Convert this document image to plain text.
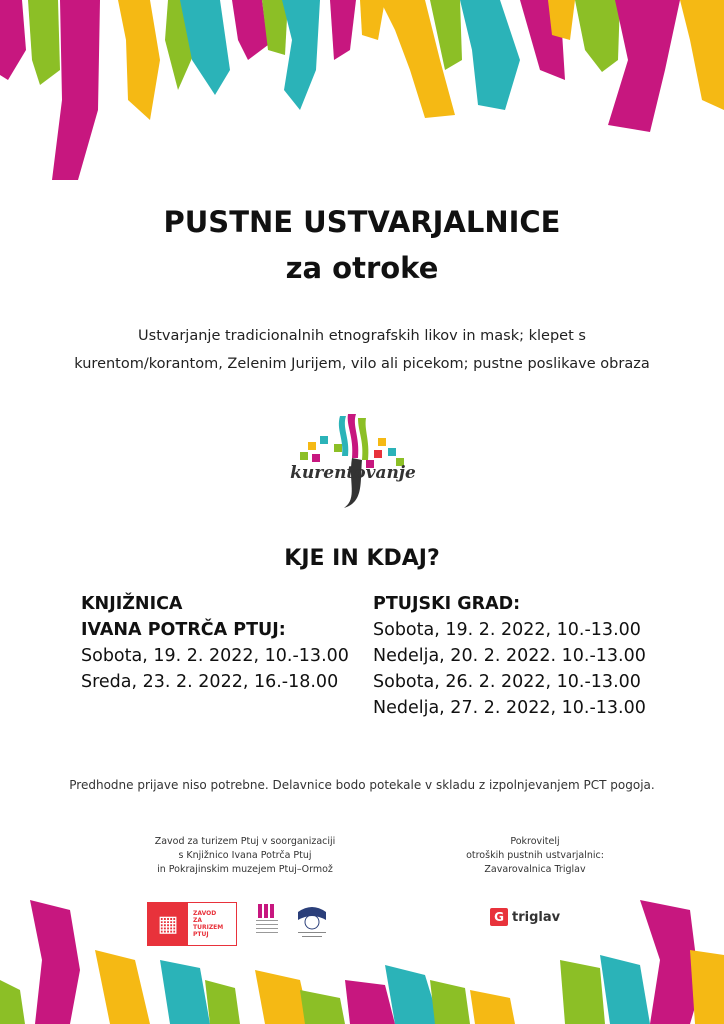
PUSTNE USTVARJALNICE
za otroke
Ustvarjanje tradicionalnih etnografskih likov in mask; klepet s
kurentom/korantom, Zelenim Jurijem, vilo ali picekom; pustne poslikave obraza
kurentovanje
KJE IN KDAJ?
KNJIŽNICA
IVANA POTRČA PTUJ:
Sobota, 19. 2. 2022, 10.-13.00
Sreda, 23. 2. 2022, 16.-18.00
PTUJSKI GRAD:
Sobota, 19. 2. 2022, 10.-13.00
Nedelja, 20. 2. 2022. 10.-13.00
Sobota, 26. 2. 2022, 10.-13.00
Nedelja, 27. 2. 2022, 10.-13.00
Predhodne prijave niso potrebne. Delavnice bodo potekale v skladu z izpolnjevanjem PCT pogoja.
Zavod za turizem Ptuj v soorganizaciji
s Knjižnico Ivana Potrča Ptuj
in Pokrajinskim muzejem Ptuj–Ormož
Pokrovitelj
otroških pustnih ustvarjalnic:
Zavarovalnica Triglav
▦	ZAVOD
ZA
TURIZEM
PTUJ
G triglav
